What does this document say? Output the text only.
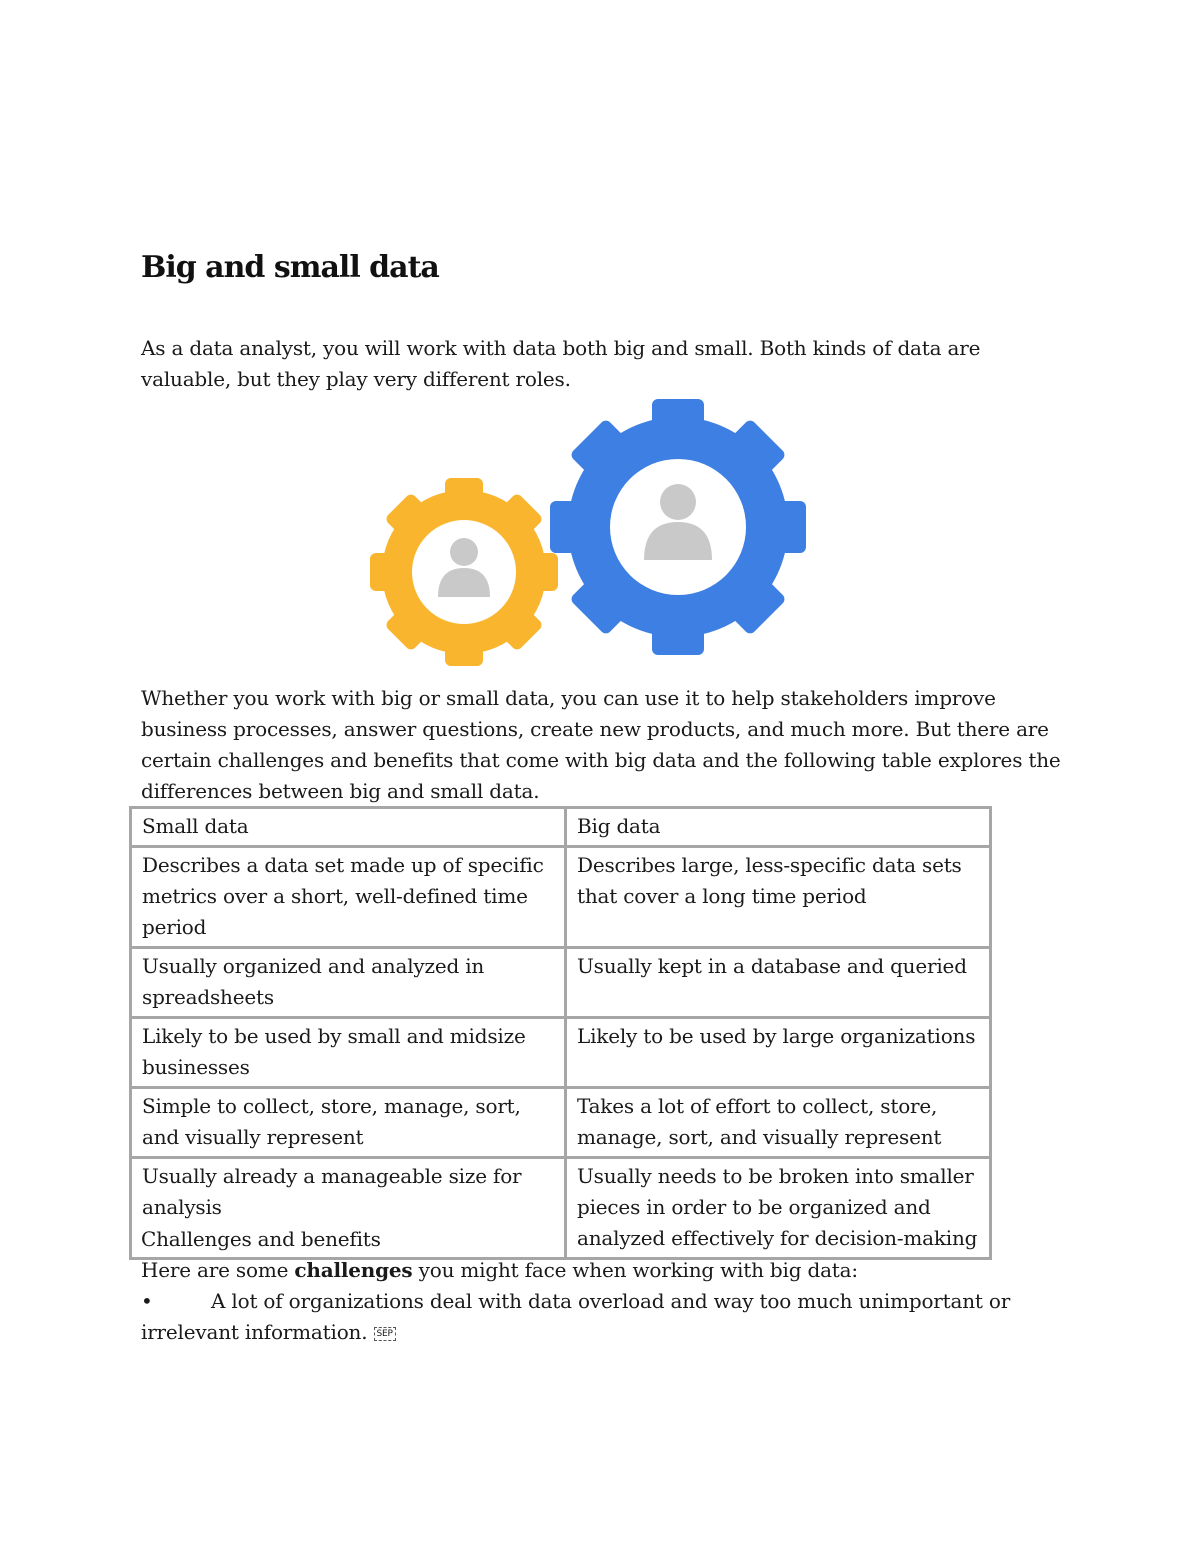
Big and small data

As a data analyst, you will work with data both big and small. Both kinds of data are valuable, but they play very different roles.

Whether you work with big or small data, you can use it to help stakeholders improve business processes, answer questions, create new products, and much more. But there are certain challenges and benefits that come with big data and the following table explores the differences between big and small data.

Small data	Big data
Describes a data set made up of specific metrics over a short, well-defined time period	Describes large, less-specific data sets that cover a long time period
Usually organized and analyzed in spreadsheets	Usually kept in a database and queried
Likely to be used by small and midsize businesses	Likely to be used by large organizations
Simple to collect, store, manage, sort, and visually represent	Takes a lot of effort to collect, store, manage, sort, and visually represent
Usually already a manageable size for analysis	Usually needs to be broken into smaller pieces in order to be organized and analyzed effectively for decision-making

Challenges and benefits

Here are some challenges you might face when working with big data:

•	A lot of organizations deal with data overload and way too much unimportant or irrelevant information. SEP
